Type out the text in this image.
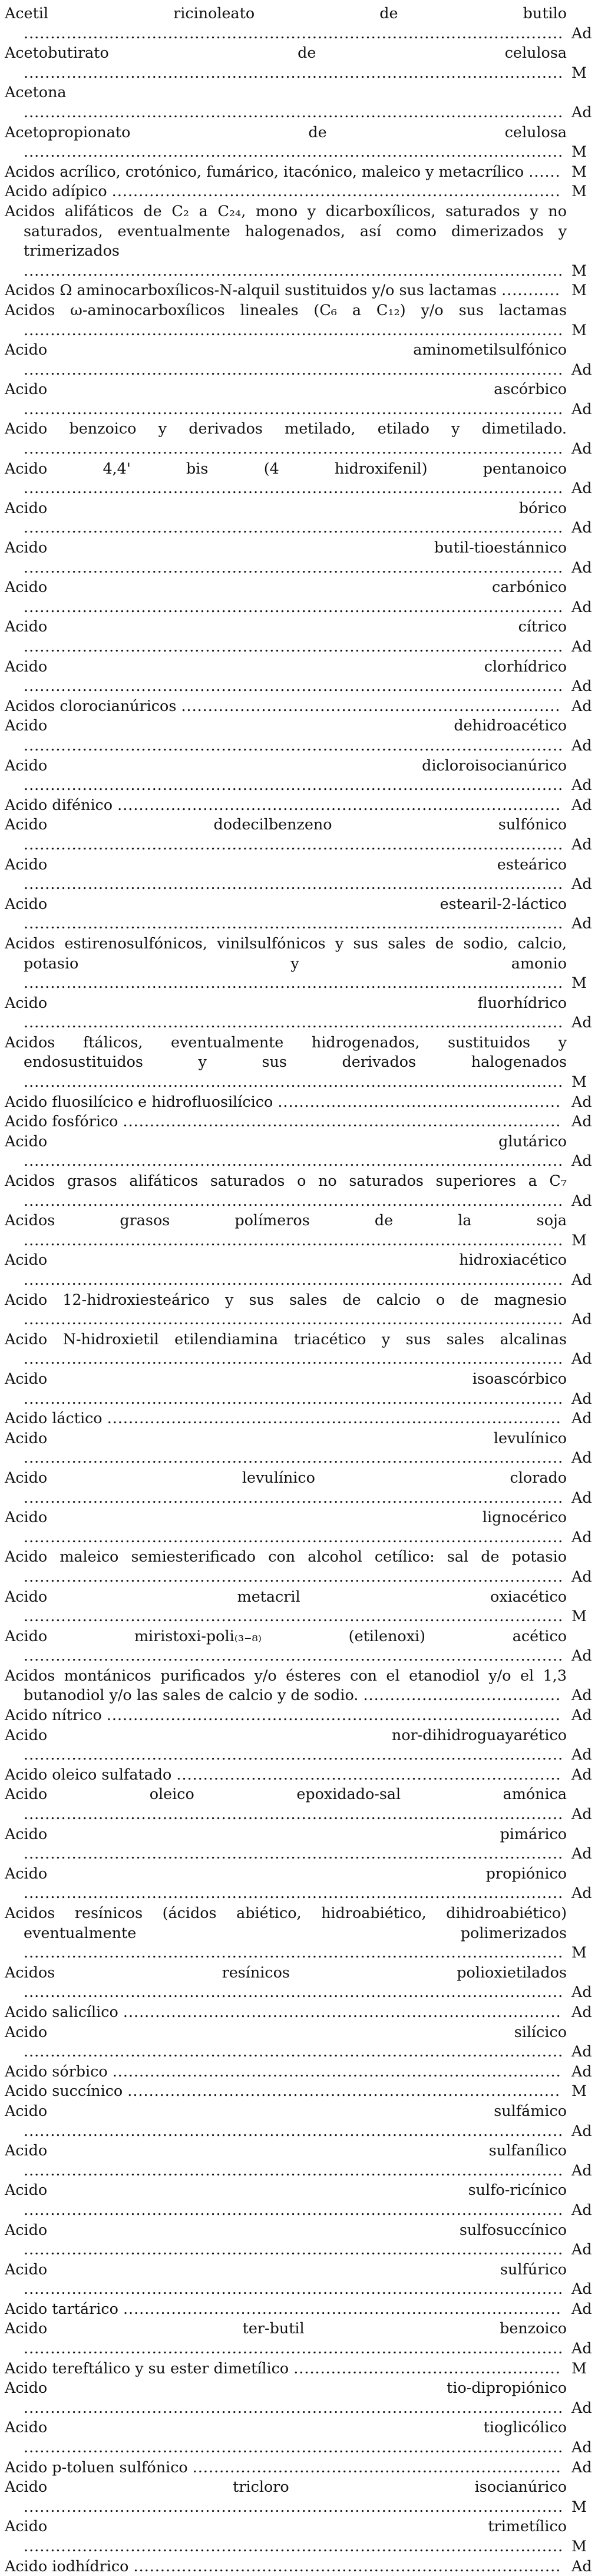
Acetil ricinoleato de butilo ..................................................................................................... Ad
Acetobutirato de celulosa ..................................................................................................... M
Acetona ..................................................................................................... Ad
Acetopropionato de celulosa ..................................................................................................... M
Acidos acrílico, crotónico, fumárico, itacónico, maleico y metacrílico ...... M
Acido adípico .................................................................................... M
Acidos alifáticos de C₂ a C₂₄, mono y dicarboxílicos, saturados y no saturados, eventualmente halogenados, así como dimerizados y trimerizados ..................................................................................................... M
Acidos Ω aminocarboxílicos-N-alquil sustituidos y/o sus lactamas ........... M
Acidos ω-aminocarboxílicos lineales (C₆ a C₁₂) y/o sus lactamas ..................................................................................................... M
Acido aminometilsulfónico ..................................................................................................... Ad
Acido ascórbico ..................................................................................................... Ad
Acido benzoico y derivados metilado, etilado y dimetilado. ..................................................................................................... Ad
Acido 4,4' bis (4 hidroxifenil) pentanoico ..................................................................................................... Ad
Acido bórico ..................................................................................................... Ad
Acido butil-tioestánnico ..................................................................................................... Ad
Acido carbónico ..................................................................................................... Ad
Acido cítrico ..................................................................................................... Ad
Acido clorhídrico ..................................................................................................... Ad
Acidos clorocianúricos ....................................................................... Ad
Acido dehidroacético ..................................................................................................... Ad
Acido dicloroisocianúrico ..................................................................................................... Ad
Acido difénico ................................................................................... Ad
Acido dodecilbenzeno sulfónico ..................................................................................................... Ad
Acido esteárico ..................................................................................................... Ad
Acido estearil-2-láctico ..................................................................................................... Ad
Acidos estirenosulfónicos, vinilsulfónicos y sus sales de sodio, calcio, potasio y amonio ..................................................................................................... M
Acido fluorhídrico ..................................................................................................... Ad
Acidos ftálicos, eventualmente hidrogenados, sustituidos y endosustituidos y sus derivados halogenados ..................................................................................................... M
Acido fluosilícico e hidrofluosilícico ..................................................... Ad
Acido fosfórico .................................................................................. Ad
Acido glutárico ..................................................................................................... Ad
Acidos grasos alifáticos saturados o no saturados superiores a C₇ ..................................................................................................... Ad
Acidos grasos polímeros de la soja ..................................................................................................... M
Acido hidroxiacético ..................................................................................................... Ad
Acido 12-hidroxiesteárico y sus sales de calcio o de magnesio ..................................................................................................... Ad
Acido N-hidroxietil etilendiamina triacético y sus sales alcalinas ..................................................................................................... Ad
Acido isoascórbico ..................................................................................................... Ad
Acido láctico ..................................................................................... Ad
Acido levulínico ..................................................................................................... Ad
Acido levulínico clorado ..................................................................................................... Ad
Acido lignocérico ..................................................................................................... Ad
Acido maleico semiesterificado con alcohol cetílico: sal de potasio ..................................................................................................... Ad
Acido metacril oxiacético ..................................................................................................... M
Acido miristoxi-poli₍₃₋₈₎ (etilenoxi) acético ..................................................................................................... Ad
Acidos montánicos purificados y/o ésteres con el etanodiol y/o el 1,3 butanodiol y/o las sales de calcio y de sodio. ..................................... Ad
Acido nítrico ..................................................................................... Ad
Acido nor-dihidroguayarético ..................................................................................................... Ad
Acido oleico sulfatado ........................................................................ Ad
Acido oleico epoxidado-sal amónica ..................................................................................................... Ad
Acido pimárico ..................................................................................................... Ad
Acido propiónico ..................................................................................................... Ad
Acidos resínicos (ácidos abiético, hidroabiético, dihidroabiético) eventualmente polimerizados ..................................................................................................... M
Acidos resínicos polioxietilados ..................................................................................................... Ad
Acido salicílico .................................................................................. Ad
Acido silícico ..................................................................................................... Ad
Acido sórbico .................................................................................... Ad
Acido succínico ................................................................................. M
Acido sulfámico ..................................................................................................... Ad
Acido sulfanílico ..................................................................................................... Ad
Acido sulfo-ricínico ..................................................................................................... Ad
Acido sulfosuccínico ..................................................................................................... Ad
Acido sulfúrico ..................................................................................................... Ad
Acido tartárico .................................................................................. Ad
Acido ter-butil benzoico ..................................................................................................... Ad
Acido tereftálico y su ester dimetílico .................................................. M
Acido tio-dipropiónico ..................................................................................................... Ad
Acido tioglicólico ..................................................................................................... Ad
Acido p-toluen sulfónico ..................................................................... Ad
Acido tricloro isocianúrico ..................................................................................................... M
Acido trimetílico ..................................................................................................... M
Acido iodhídrico ................................................................................ Ad
